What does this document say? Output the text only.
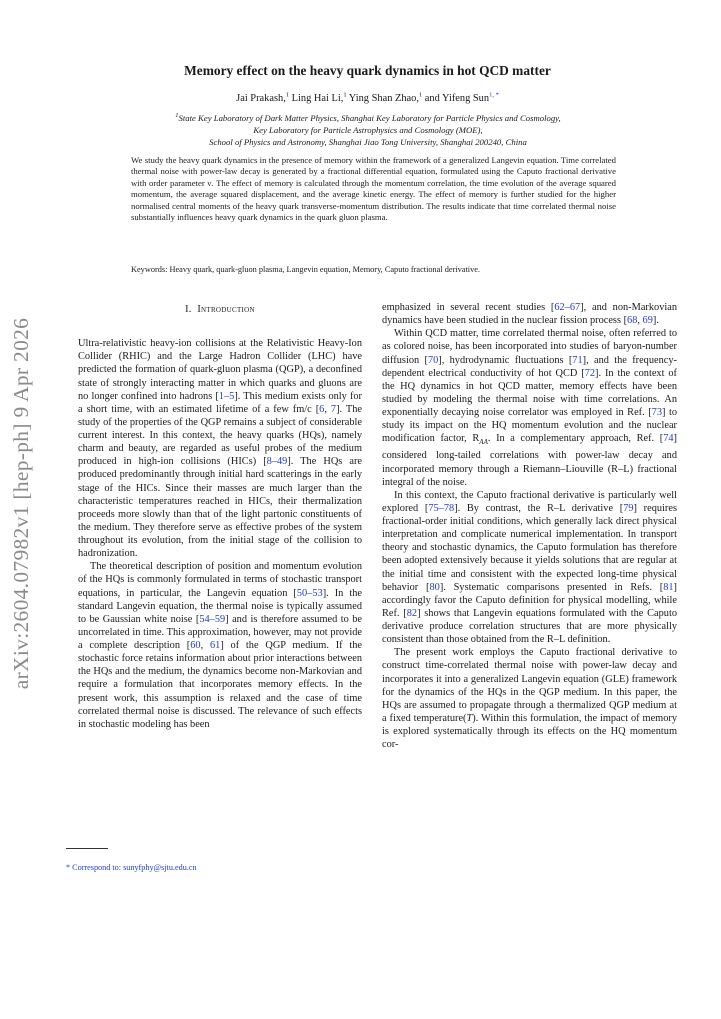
arXiv:2604.07982v1 [hep-ph] 9 Apr 2026
Memory effect on the heavy quark dynamics in hot QCD matter
Jai Prakash,$^1$ Ling Hai Li,$^1$ Ying Shan Zhao,$^1$ and Yifeng Sun$^{1, *}$
$^1$State Key Laboratory of Dark Matter Physics, Shanghai Key Laboratory for Particle Physics and Cosmology,
Key Laboratory for Particle Astrophysics and Cosmology (MOE),
School of Physics and Astronomy, Shanghai Jiao Tong University, Shanghai 200240, China
We study the heavy quark dynamics in the presence of memory within the framework of a generalized Langevin equation. Time correlated thermal noise with power-law decay is generated by a fractional differential equation, formulated using the Caputo fractional derivative with order parameter ν. The effect of memory is calculated through the momentum correlation, the time evolution of the average squared momentum, the average squared displacement, and the average kinetic energy. The effect of memory is further studied for the higher normalised central moments of the heavy quark transverse-momentum distribution. The results indicate that time correlated thermal noise substantially influences heavy quark dynamics in the quark gluon plasma.
Keywords: Heavy quark, quark-gluon plasma, Langevin equation, Memory, Caputo fractional derivative.
I. Introduction

Ultra-relativistic heavy-ion collisions at the Relativistic Heavy-Ion Collider (RHIC) and the Large Hadron Collider (LHC) have predicted the formation of quark-gluon plasma (QGP), a deconfined state of strongly interacting matter in which quarks and gluons are no longer confined into hadrons [1–5]. This medium exists only for a short time, with an estimated lifetime of a few fm/c [6, 7]. The study of the properties of the QGP remains a subject of considerable current interest. In this context, the heavy quarks (HQs), namely charm and beauty, are regarded as useful probes of the medium produced in high-ion collisions (HICs) [8–49]. The HQs are produced predominantly through initial hard scatterings in the early stage of the HICs. Since their masses are much larger than the characteristic temperatures reached in HICs, their thermalization proceeds more slowly than that of the light partonic constituents of the medium. They therefore serve as effective probes of the system throughout its evolution, from the initial stage of the collision to hadronization.

The theoretical description of position and momentum evolution of the HQs is commonly formulated in terms of stochastic transport equations, in particular, the Langevin equation [50–53]. In the standard Langevin equation, the thermal noise is typically assumed to be Gaussian white noise [54–59] and is therefore assumed to be uncorrelated in time. This approximation, however, may not provide a complete description [60, 61] of the QGP medium. If the stochastic force retains information about prior interactions between the HQs and the medium, the dynamics become non-Markovian and require a formulation that incorporates memory effects. In the present work, this assumption is relaxed and the case of time correlated thermal noise is discussed. The relevance of such effects in stochastic modeling has been

emphasized in several recent studies [62–67], and non-Markovian dynamics have been studied in the nuclear fission process [68, 69].

Within QCD matter, time correlated thermal noise, often referred to as colored noise, has been incorporated into studies of baryon-number diffusion [70], hydrodynamic fluctuations [71], and the frequency-dependent electrical conductivity of hot QCD [72]. In the context of the HQ dynamics in hot QCD matter, memory effects have been studied by modeling the thermal noise with time correlations. An exponentially decaying noise correlator was employed in Ref. [73] to study its impact on the HQ momentum evolution and the nuclear modification factor, $R_{AA}$. In a complementary approach, Ref. [74] considered long-tailed correlations with power-law decay and incorporated memory through a Riemann–Liouville (R–L) fractional integral of the noise.

In this context, the Caputo fractional derivative is particularly well explored [75–78]. By contrast, the R–L derivative [79] requires fractional-order initial conditions, which generally lack direct physical interpretation and complicate numerical implementation. In transport theory and stochastic dynamics, the Caputo formulation has therefore been adopted extensively because it yields solutions that are regular at the initial time and consistent with the expected long-time physical behavior [80]. Systematic comparisons presented in Refs. [81] accordingly favor the Caputo definition for physical modelling, while Ref. [82] shows that Langevin equations formulated with the Caputo derivative produce correlation structures that are more physically consistent than those obtained from the R–L definition.

The present work employs the Caputo fractional derivative to construct time-correlated thermal noise with power-law decay and incorporates it into a generalized Langevin equation (GLE) framework for the dynamics of the HQs in the QGP medium. In this paper, the HQs are assumed to propagate through a thermalized QGP medium at a fixed temperature(T). Within this formulation, the impact of memory is explored systematically through its effects on the HQ momentum cor-

* Correspond to: sunyfphy@sjtu.edu.cn
